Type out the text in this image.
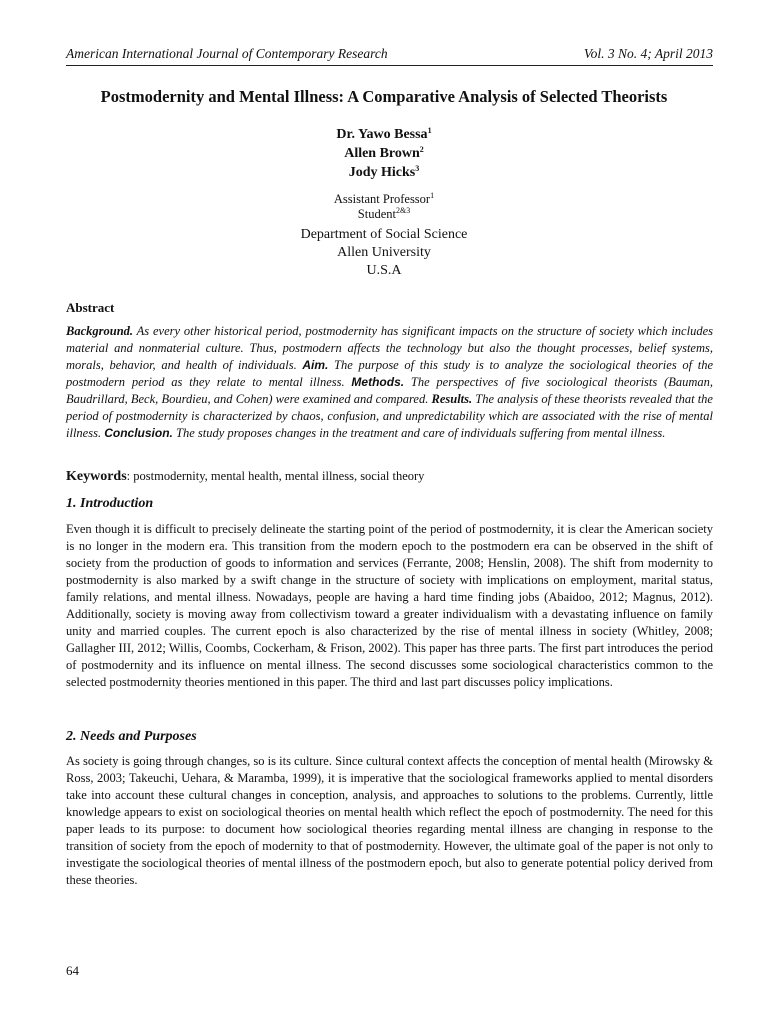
American International Journal of Contemporary Research	Vol. 3 No. 4; April 2013
Postmodernity and Mental Illness: A Comparative Analysis of Selected Theorists
Dr. Yawo Bessa$^1$
Allen Brown$^2$
Jody Hicks$^3$
Assistant Professor$^1$
Student$^{2\&3}$
Department of Social Science
Allen University
U.S.A
Abstract

Background. As every other historical period, postmodernity has significant impacts on the structure of society which includes material and nonmaterial culture. Thus, postmodern affects the technology but also the thought processes, belief systems, morals, behavior, and health of individuals. Aim. The purpose of this study is to analyze the sociological theories of the postmodern period as they relate to mental illness. Methods. The perspectives of five sociological theorists (Bauman, Baudrillard, Beck, Bourdieu, and Cohen) were examined and compared. Results. The analysis of these theorists revealed that the period of postmodernity is characterized by chaos, confusion, and unpredictability which are associated with the rise of mental illness. Conclusion. The study proposes changes in the treatment and care of individuals suffering from mental illness.

Keywords: postmodernity, mental health, mental illness, social theory
1. Introduction

Even though it is difficult to precisely delineate the starting point of the period of postmodernity, it is clear the American society is no longer in the modern era. This transition from the modern epoch to the postmodern era can be observed in the shift of society from the production of goods to information and services (Ferrante, 2008; Henslin, 2008). The shift from modernity to postmodernity is also marked by a swift change in the structure of society with implications on employment, marital status, family relations, and mental illness. Nowadays, people are having a hard time finding jobs (Abaidoo, 2012; Magnus, 2012). Additionally, society is moving away from collectivism toward a greater individualism with a devastating influence on family unity and married couples. The current epoch is also characterized by the rise of mental illness in society (Whitley, 2008; Gallagher III, 2012; Willis, Coombs, Cockerham, & Frison, 2002). This paper has three parts. The first part introduces the period of postmodernity and its influence on mental illness. The second discusses some sociological characteristics common to the selected postmodernity theories mentioned in this paper. The third and last part discusses policy implications.

2. Needs and Purposes

As society is going through changes, so is its culture. Since cultural context affects the conception of mental health (Mirowsky & Ross, 2003; Takeuchi, Uehara, & Maramba, 1999), it is imperative that the sociological frameworks applied to mental disorders take into account these cultural changes in conception, analysis, and approaches to solutions to the problems. Currently, little knowledge appears to exist on sociological theories on mental health which reflect the epoch of postmodernity. The need for this paper leads to its purpose: to document how sociological theories regarding mental illness are changing in response to the transition of society from the epoch of modernity to that of postmodernity. However, the ultimate goal of the paper is not only to investigate the sociological theories of mental illness of the postmodern epoch, but also to generate potential policy derived from these theories.

64
